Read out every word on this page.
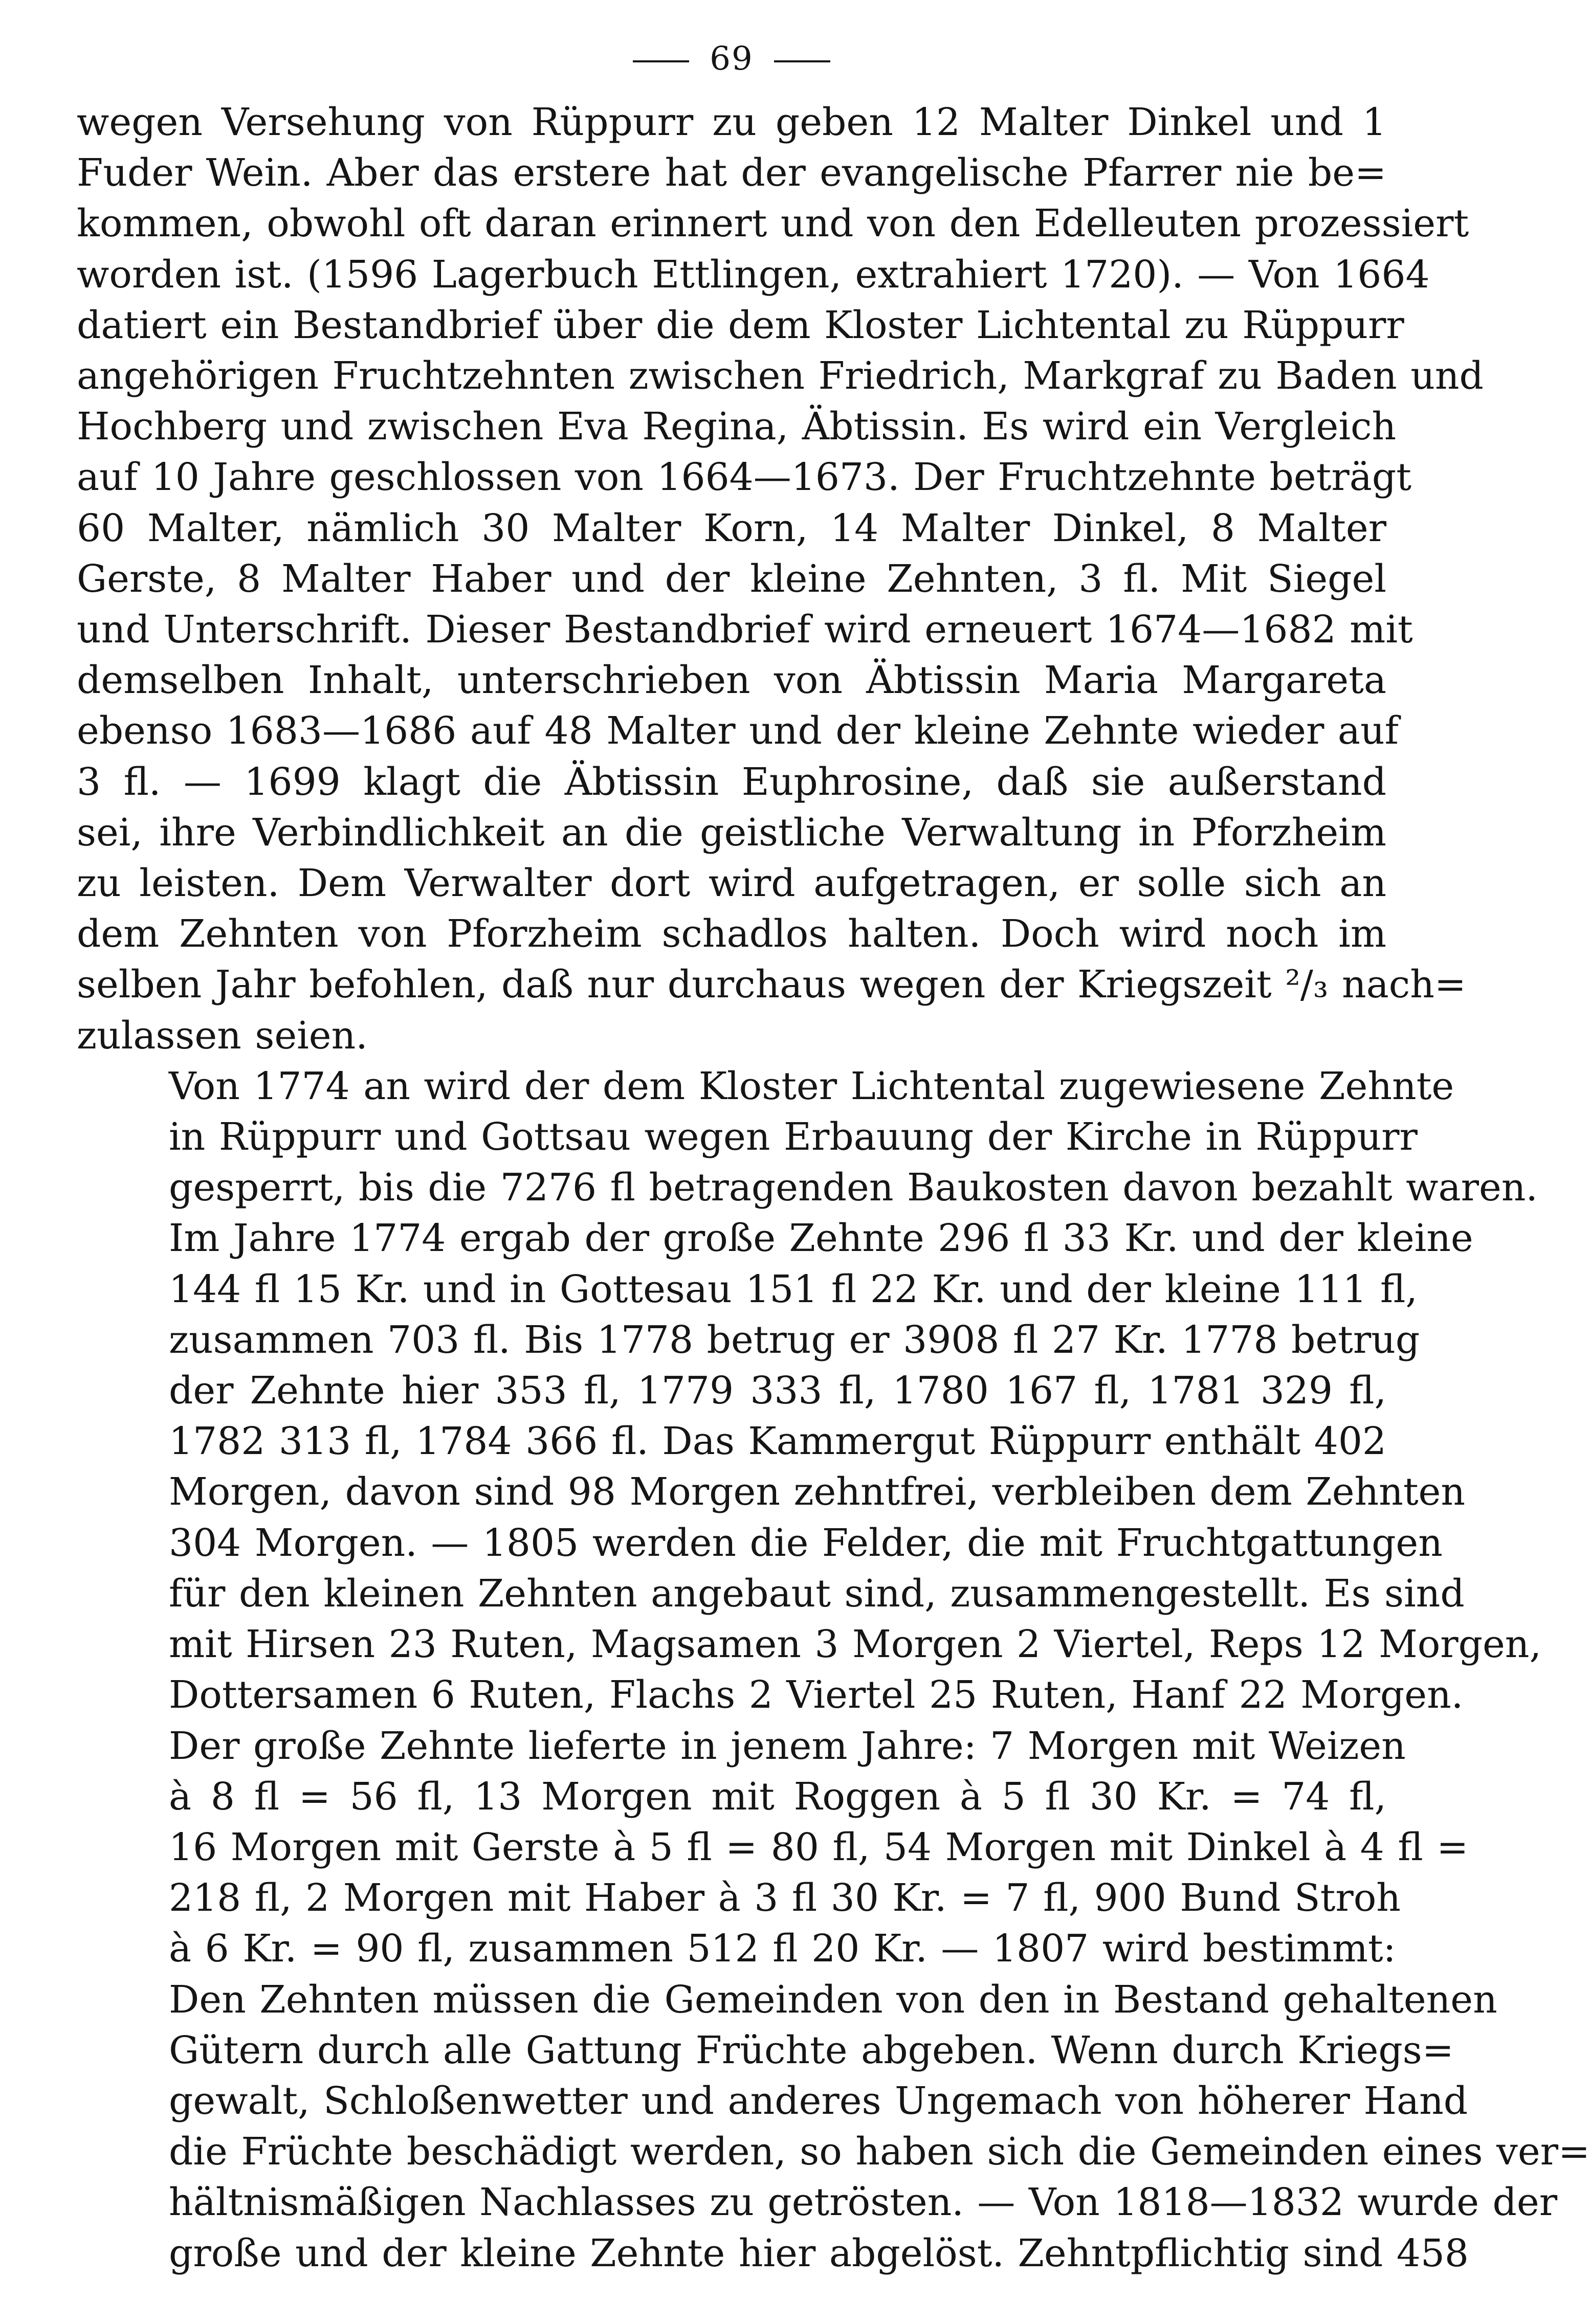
69

wegen Versehung von Rüppurr zu geben 12 Malter Dinkel und 1
Fuder Wein. Aber das erstere hat der evangelische Pfarrer nie be=
kommen, obwohl oft daran erinnert und von den Edelleuten prozessiert
worden ist. (1596 Lagerbuch Ettlingen, extrahiert 1720). — Von 1664
datiert ein Bestandbrief über die dem Kloster Lichtental zu Rüppurr
angehörigen Fruchtzehnten zwischen Friedrich, Markgraf zu Baden und
Hochberg und zwischen Eva Regina, Äbtissin. Es wird ein Vergleich
auf 10 Jahre geschlossen von 1664—1673. Der Fruchtzehnte beträgt
60 Malter, nämlich 30 Malter Korn, 14 Malter Dinkel, 8 Malter
Gerste, 8 Malter Haber und der kleine Zehnten, 3 fl. Mit Siegel
und Unterschrift. Dieser Bestandbrief wird erneuert 1674—1682 mit
demselben Inhalt, unterschrieben von Äbtissin Maria Margareta
ebenso 1683—1686 auf 48 Malter und der kleine Zehnte wieder auf
3 fl. — 1699 klagt die Äbtissin Euphrosine, daß sie außerstand
sei, ihre Verbindlichkeit an die geistliche Verwaltung in Pforzheim
zu leisten. Dem Verwalter dort wird aufgetragen, er solle sich an
dem Zehnten von Pforzheim schadlos halten. Doch wird noch im
selben Jahr befohlen, daß nur durchaus wegen der Kriegszeit ²/₃ nach=
zulassen seien.

Von 1774 an wird der dem Kloster Lichtental zugewiesene Zehnte
in Rüppurr und Gottsau wegen Erbauung der Kirche in Rüppurr
gesperrt, bis die 7276 fl betragenden Baukosten davon bezahlt waren.
Im Jahre 1774 ergab der große Zehnte 296 fl 33 Kr. und der kleine
144 fl 15 Kr. und in Gottesau 151 fl 22 Kr. und der kleine 111 fl,
zusammen 703 fl. Bis 1778 betrug er 3908 fl 27 Kr. 1778 betrug
der Zehnte hier 353 fl, 1779 333 fl, 1780 167 fl, 1781 329 fl,
1782 313 fl, 1784 366 fl. Das Kammergut Rüppurr enthält 402
Morgen, davon sind 98 Morgen zehntfrei, verbleiben dem Zehnten
304 Morgen. — 1805 werden die Felder, die mit Fruchtgattungen
für den kleinen Zehnten angebaut sind, zusammengestellt. Es sind
mit Hirsen 23 Ruten, Magsamen 3 Morgen 2 Viertel, Reps 12 Morgen,
Dottersamen 6 Ruten, Flachs 2 Viertel 25 Ruten, Hanf 22 Morgen.
Der große Zehnte lieferte in jenem Jahre: 7 Morgen mit Weizen
à 8 fl = 56 fl, 13 Morgen mit Roggen à 5 fl 30 Kr. = 74 fl,
16 Morgen mit Gerste à 5 fl = 80 fl, 54 Morgen mit Dinkel à 4 fl =
218 fl, 2 Morgen mit Haber à 3 fl 30 Kr. = 7 fl, 900 Bund Stroh
à 6 Kr. = 90 fl, zusammen 512 fl 20 Kr. — 1807 wird bestimmt:
Den Zehnten müssen die Gemeinden von den in Bestand gehaltenen
Gütern durch alle Gattung Früchte abgeben. Wenn durch Kriegs=
gewalt, Schloßenwetter und anderes Ungemach von höherer Hand
die Früchte beschädigt werden, so haben sich die Gemeinden eines ver=
hältnismäßigen Nachlasses zu getrösten. — Von 1818—1832 wurde der
große und der kleine Zehnte hier abgelöst. Zehntpflichtig sind 458
